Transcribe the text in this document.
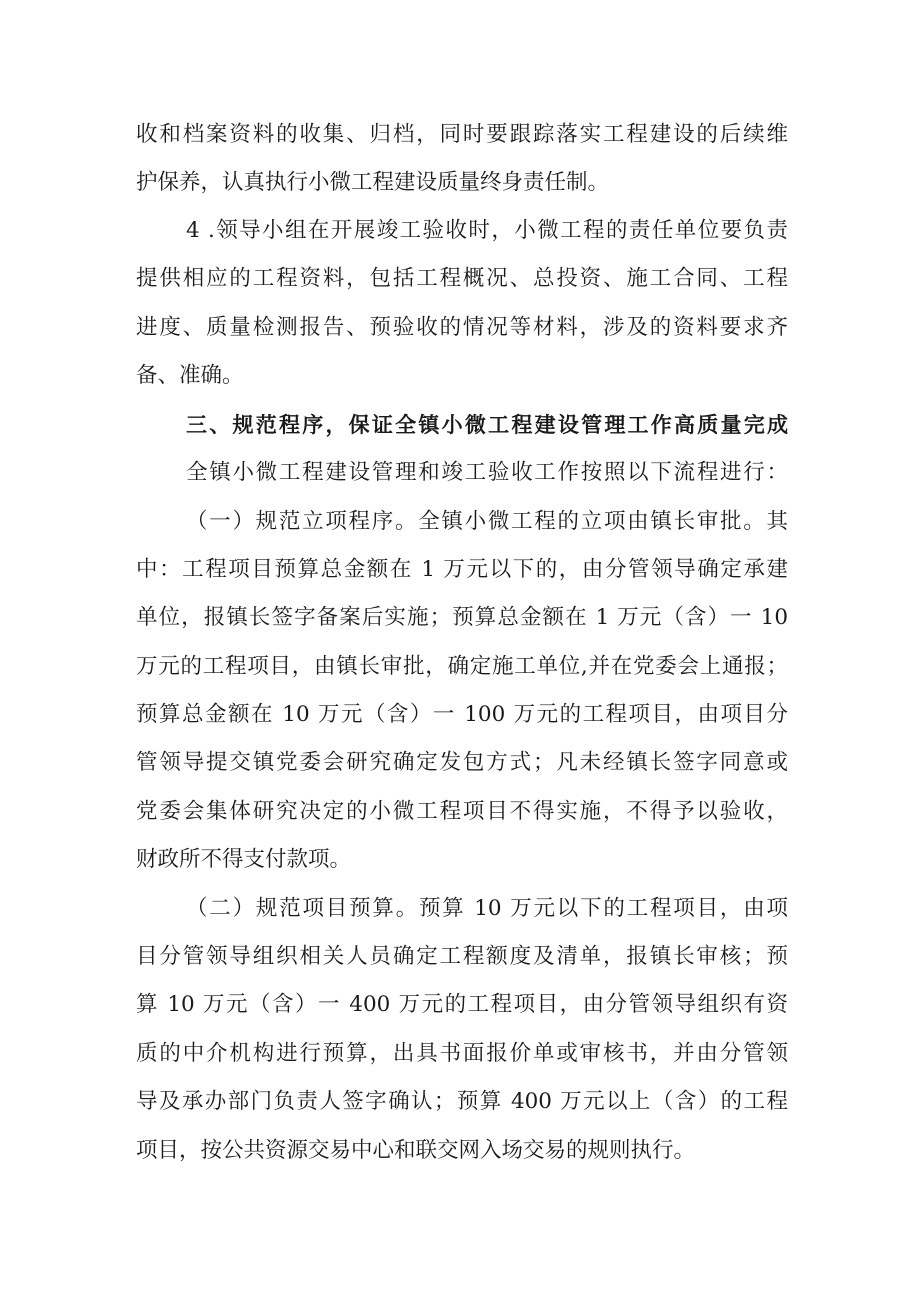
收和档案资料的收集、归档，同时要跟踪落实工程建设的后续维
护保养，认真执行小微工程建设质量终身责任制。
4 .领导小组在开展竣工验收时，小微工程的责任单位要负责
提供相应的工程资料，包括工程概况、总投资、施工合同、工程
进度、质量检测报告、预验收的情况等材料，涉及的资料要求齐
备、准确。
三、规范程序，保证全镇小微工程建设管理工作高质量完成
全镇小微工程建设管理和竣工验收工作按照以下流程进行：
（一）规范立项程序。全镇小微工程的立项由镇长审批。其
中：工程项目预算总金额在 1 万元以下的，由分管领导确定承建
单位，报镇长签字备案后实施；预算总金额在 1 万元（含）一 10
万元的工程项目，由镇长审批，确定施工单位,并在党委会上通报；
预算总金额在 10 万元（含）一 100 万元的工程项目，由项目分
管领导提交镇党委会研究确定发包方式；凡未经镇长签字同意或
党委会集体研究决定的小微工程项目不得实施，不得予以验收，
财政所不得支付款项。
（二）规范项目预算。预算 10 万元以下的工程项目，由项
目分管领导组织相关人员确定工程额度及清单，报镇长审核；预
算 10 万元（含）一 400 万元的工程项目，由分管领导组织有资
质的中介机构进行预算，出具书面报价单或审核书，并由分管领
导及承办部门负责人签字确认；预算 400 万元以上（含）的工程
项目，按公共资源交易中心和联交网入场交易的规则执行。
